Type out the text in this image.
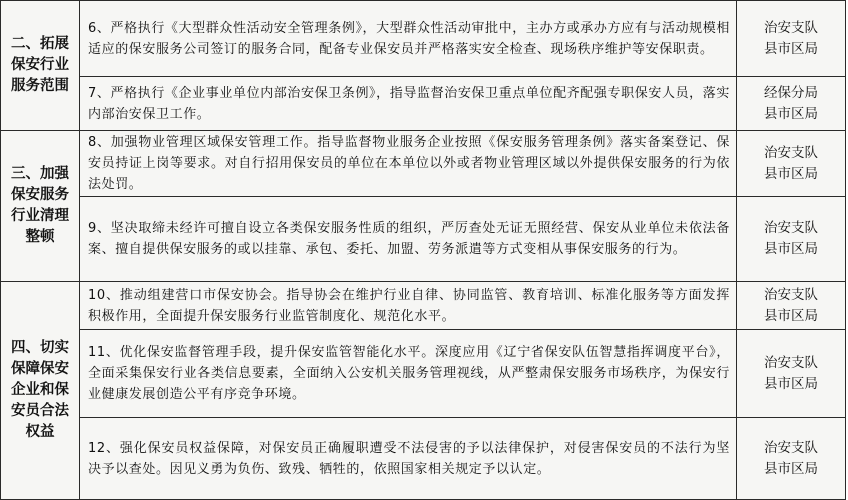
二、拓展保安行业服务范围	6、严格执行《大型群众性活动安全管理条例》，大型群众性活动审批中，主办方或承办方应有与活动规模相适应的保安服务公司签订的服务合同，配备专业保安员并严格落实安全检查、现场秩序维护等安保职责。	治安支队县市区局
	7、严格执行《企业事业单位内部治安保卫条例》，指导监督治安保卫重点单位配齐配强专职保安人员，落实内部治安保卫工作。	经保分局县市区局
三、加强保安服务行业清理整顿	8、加强物业管理区域保安管理工作。指导监督物业服务企业按照《保安服务管理条例》落实备案登记、保安员持证上岗等要求。对自行招用保安员的单位在本单位以外或者物业管理区域以外提供保安服务的行为依法处罚。	治安支队县市区局
	9、坚决取缔未经许可擅自设立各类保安服务性质的组织，严厉查处无证无照经营、保安从业单位未依法备案、擅自提供保安服务的或以挂靠、承包、委托、加盟、劳务派遣等方式变相从事保安服务的行为。	治安支队县市区局
四、切实保障保安企业和保安员合法权益	10、推动组建营口市保安协会。指导协会在维护行业自律、协同监管、教育培训、标准化服务等方面发挥积极作用，全面提升保安服务行业监管制度化、规范化水平。	治安支队县市区局
	11、优化保安监督管理手段，提升保安监管智能化水平。深度应用《辽宁省保安队伍智慧指挥调度平台》，全面采集保安行业各类信息要素，全面纳入公安机关服务管理视线，从严整肃保安服务市场秩序，为保安行业健康发展创造公平有序竞争环境。	治安支队县市区局
	12、强化保安员权益保障，对保安员正确履职遭受不法侵害的予以法律保护，对侵害保安员的不法行为坚决予以查处。因见义勇为负伤、致残、牺牲的，依照国家相关规定予以认定。	治安支队县市区局
